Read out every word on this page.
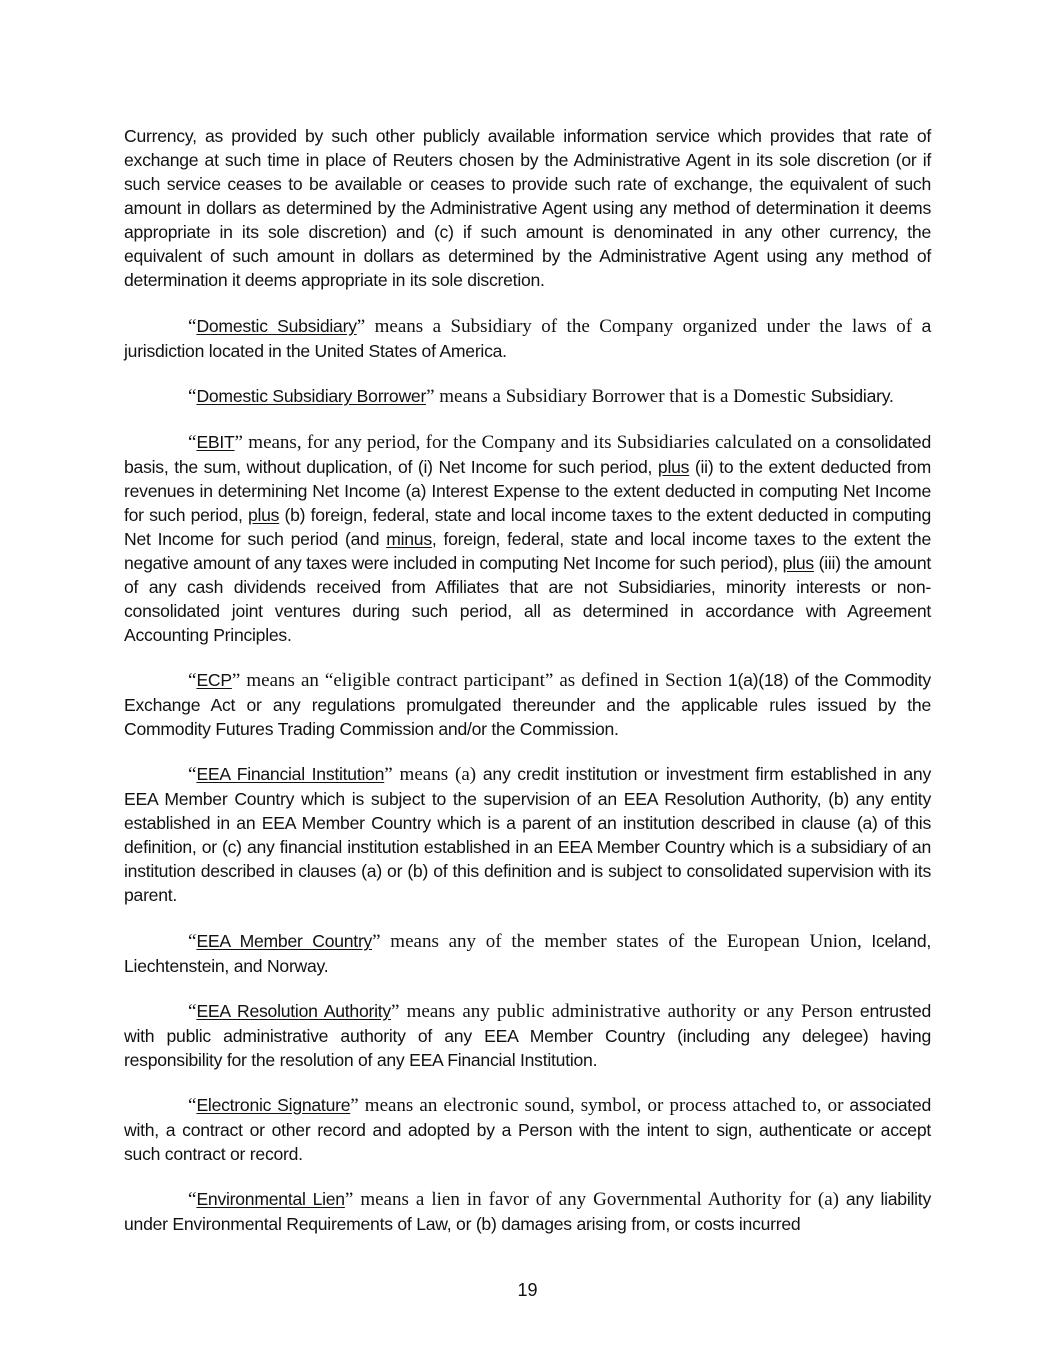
Currency, as provided by such other publicly available information service which provides that rate of exchange at such time in place of Reuters chosen by the Administrative Agent in its sole discretion (or if such service ceases to be available or ceases to provide such rate of exchange, the equivalent of such amount in dollars as determined by the Administrative Agent using any method of determination it deems appropriate in its sole discretion) and (c) if such amount is denominated in any other currency, the equivalent of such amount in dollars as determined by the Administrative Agent using any method of determination it deems appropriate in its sole discretion.

“Domestic Subsidiary” means a Subsidiary of the Company organized under the laws of a jurisdiction located in the United States of America.

“Domestic Subsidiary Borrower” means a Subsidiary Borrower that is a Domestic Subsidiary.

“EBIT” means, for any period, for the Company and its Subsidiaries calculated on a consolidated basis, the sum, without duplication, of (i) Net Income for such period, plus (ii) to the extent deducted from revenues in determining Net Income (a) Interest Expense to the extent deducted in computing Net Income for such period, plus (b) foreign, federal, state and local income taxes to the extent deducted in computing Net Income for such period (and minus, foreign, federal, state and local income taxes to the extent the negative amount of any taxes were included in computing Net Income for such period), plus (iii) the amount of any cash dividends received from Affiliates that are not Subsidiaries, minority interests or non-consolidated joint ventures during such period, all as determined in accordance with Agreement Accounting Principles.

“ECP” means an “eligible contract participant” as defined in Section 1(a)(18) of the Commodity Exchange Act or any regulations promulgated thereunder and the applicable rules issued by the Commodity Futures Trading Commission and/or the Commission.

“EEA Financial Institution” means (a) any credit institution or investment firm established in any EEA Member Country which is subject to the supervision of an EEA Resolution Authority, (b) any entity established in an EEA Member Country which is a parent of an institution described in clause (a) of this definition, or (c) any financial institution established in an EEA Member Country which is a subsidiary of an institution described in clauses (a) or (b) of this definition and is subject to consolidated supervision with its parent.

“EEA Member Country” means any of the member states of the European Union, Iceland, Liechtenstein, and Norway.

“EEA Resolution Authority” means any public administrative authority or any Person entrusted with public administrative authority of any EEA Member Country (including any delegee) having responsibility for the resolution of any EEA Financial Institution.

“Electronic Signature” means an electronic sound, symbol, or process attached to, or associated with, a contract or other record and adopted by a Person with the intent to sign, authenticate or accept such contract or record.

“Environmental Lien” means a lien in favor of any Governmental Authority for (a) any liability under Environmental Requirements of Law, or (b) damages arising from, or costs incurred

19
